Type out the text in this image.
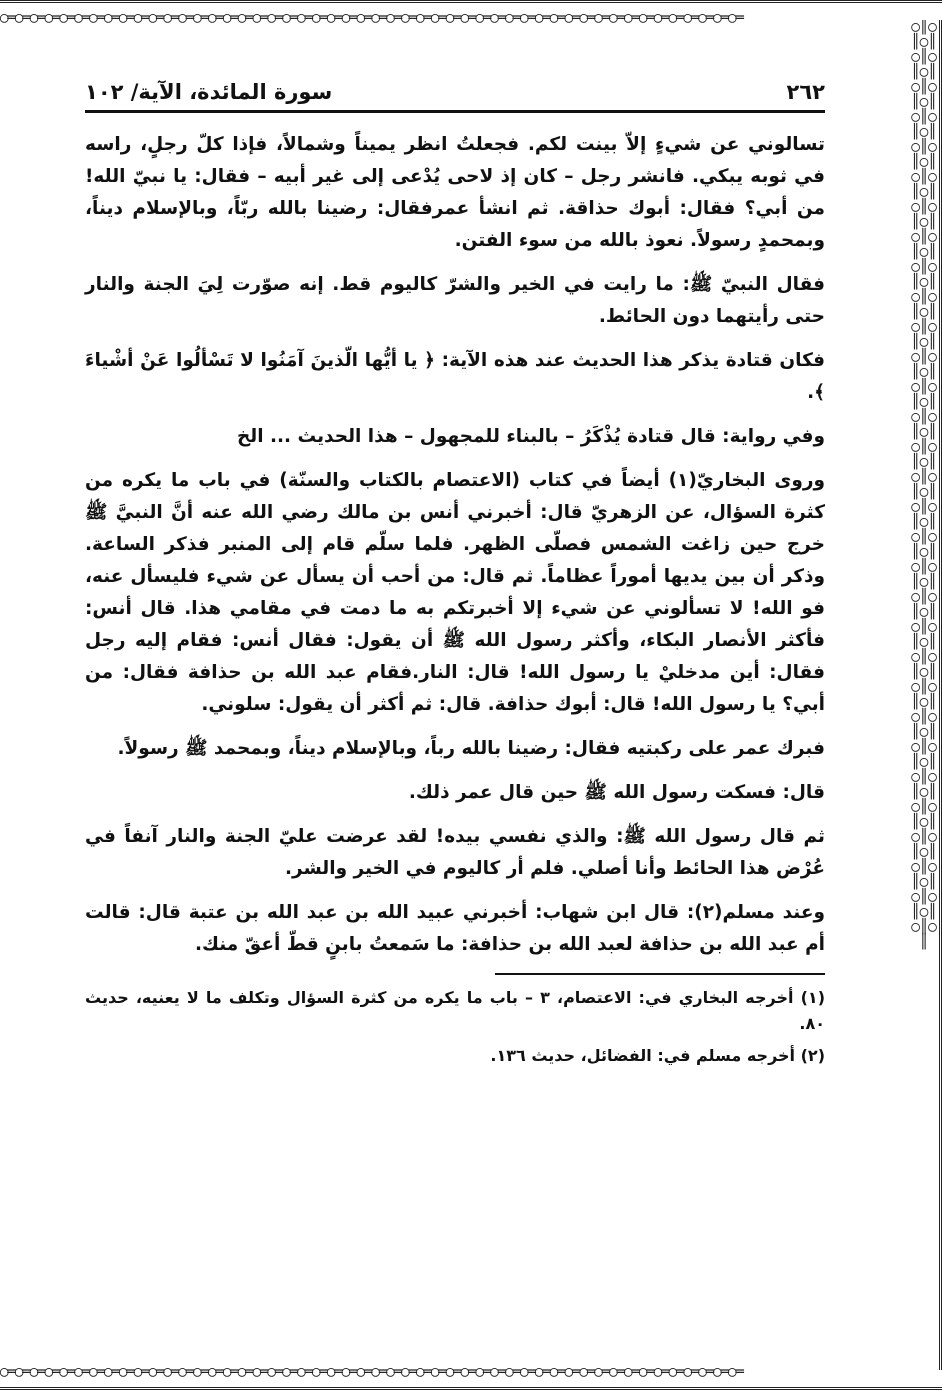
◯═◯═◯═◯═◯═◯═◯═◯═◯═◯═◯═◯═◯═◯═◯═◯═◯═◯═◯═◯═◯═◯═◯═◯═◯═◯═◯═◯═◯═◯═◯═◯═◯═◯═◯═◯═◯═◯═◯═◯═◯═◯═◯═◯═◯═◯═◯═◯═◯═◯═
◯║◯║◯║◯║◯║◯║◯║◯║◯║◯║◯║◯║◯║◯║◯║◯║◯║◯║◯║◯║◯║◯║◯║◯║◯║◯║◯║◯║◯║◯║◯║◯║◯║◯║◯║◯║◯║◯║◯║◯║◯║◯║◯║◯║◯║◯║◯║◯║◯║◯║◯║◯║◯║◯║◯║◯║◯║◯║◯║◯║◯║◯║◯║◯║◯║◯║◯║◯║◯║◯║◯║◯║◯║◯║◯║◯║◯║◯║◯║◯║◯║◯║◯║◯║◯║◯║◯║◯║◯║◯║◯║◯║
◯═◯═◯═◯═◯═◯═◯═◯═◯═◯═◯═◯═◯═◯═◯═◯═◯═◯═◯═◯═◯═◯═◯═◯═◯═◯═◯═◯═◯═◯═◯═◯═◯═◯═◯═◯═◯═◯═◯═◯═◯═◯═◯═◯═◯═◯═◯═◯═◯═◯═
٢٦٢
سورة المائدة، الآية/ ١٠٢

تسالوني عن شيءٍ إلاّ بينت لكم. فجعلتُ انظر يميناً وشمالاً، فإذا كلّ رجلٍ، راسه في ثوبه يبكي. فانشر رجل – كان إذ لاحى يُدْعى إلى غير أبيه – فقال: يا نبيّ الله! من أبي؟ فقال: أبوك حذاقة. ثم انشأ عمرفقال: رضينا بالله ربّاً، وبالإسلام ديناً، وبمحمدٍ رسولاً. نعوذ بالله من سوء الفتن.

فقال النبيّ ﷺ: ما رايت في الخير والشرّ كاليوم قط. إنه صوّرت لِيَ الجنة والنار حتى رأيتهما دون الحائط.

فكان قتادة يذكر هذا الحديث عند هذه الآية: ﴿ يا أيُّها الّذينَ آمَنُوا لا تَسْألُوا عَنْ أشْياءَ ﴾.

وفي رواية: قال قتادة يُذْكَرُ – بالبناء للمجهول – هذا الحديث ... الخ

وروى البخاريّ(١) أيضاً في كتاب (الاعتصام بالكتاب والسنّة) في باب ما يكره من كثرة السؤال، عن الزهريّ قال: أخبرني أنس بن مالك رضي الله عنه أنَّ النبيَّ ﷺ خرج حين زاغت الشمس فصلّى الظهر. فلما سلّم قام إلى المنبر فذكر الساعة. وذكر أن بين يديها أموراً عظاماً. ثم قال: من أحب أن يسأل عن شيء فليسأل عنه، فو الله! لا تسألوني عن شيء إلا أخبرتكم به ما دمت في مقامي هذا. قال أنس: فأكثر الأنصار البكاء، وأكثر رسول الله ﷺ أن يقول: فقال أنس: فقام إليه رجل فقال: أين مدخليْ يا رسول الله! قال: النار.فقام عبد الله بن حذافة فقال: من أبي؟ يا رسول الله! قال: أبوك حذافة. قال: ثم أكثر أن يقول: سلوني.

فبرك عمر على ركبتيه فقال: رضينا بالله رباً، وبالإسلام ديناً، وبمحمد ﷺ رسولاً.

قال: فسكت رسول الله ﷺ حين قال عمر ذلك.

ثم قال رسول الله ﷺ: والذي نفسي بيده! لقد عرضت عليّ الجنة والنار آنفاً في عُرْض هذا الحائط وأنا أصلي. فلم أر كاليوم في الخير والشر.

وعند مسلم(٢): قال ابن شهاب: أخبرني عبيد الله بن عبد الله بن عتبة قال: قالت أم عبد الله بن حذافة لعبد الله بن حذافة: ما سَمعتُ بابنٍ قطّ أعقّ منك.

(١) أخرجه البخاري في: الاعتصام، ٣ – باب ما يكره من كثرة السؤال وتكلف ما لا يعنيه، حديث ٨٠.

(٢) أخرجه مسلم في: الفضائل، حديث ١٣٦.
